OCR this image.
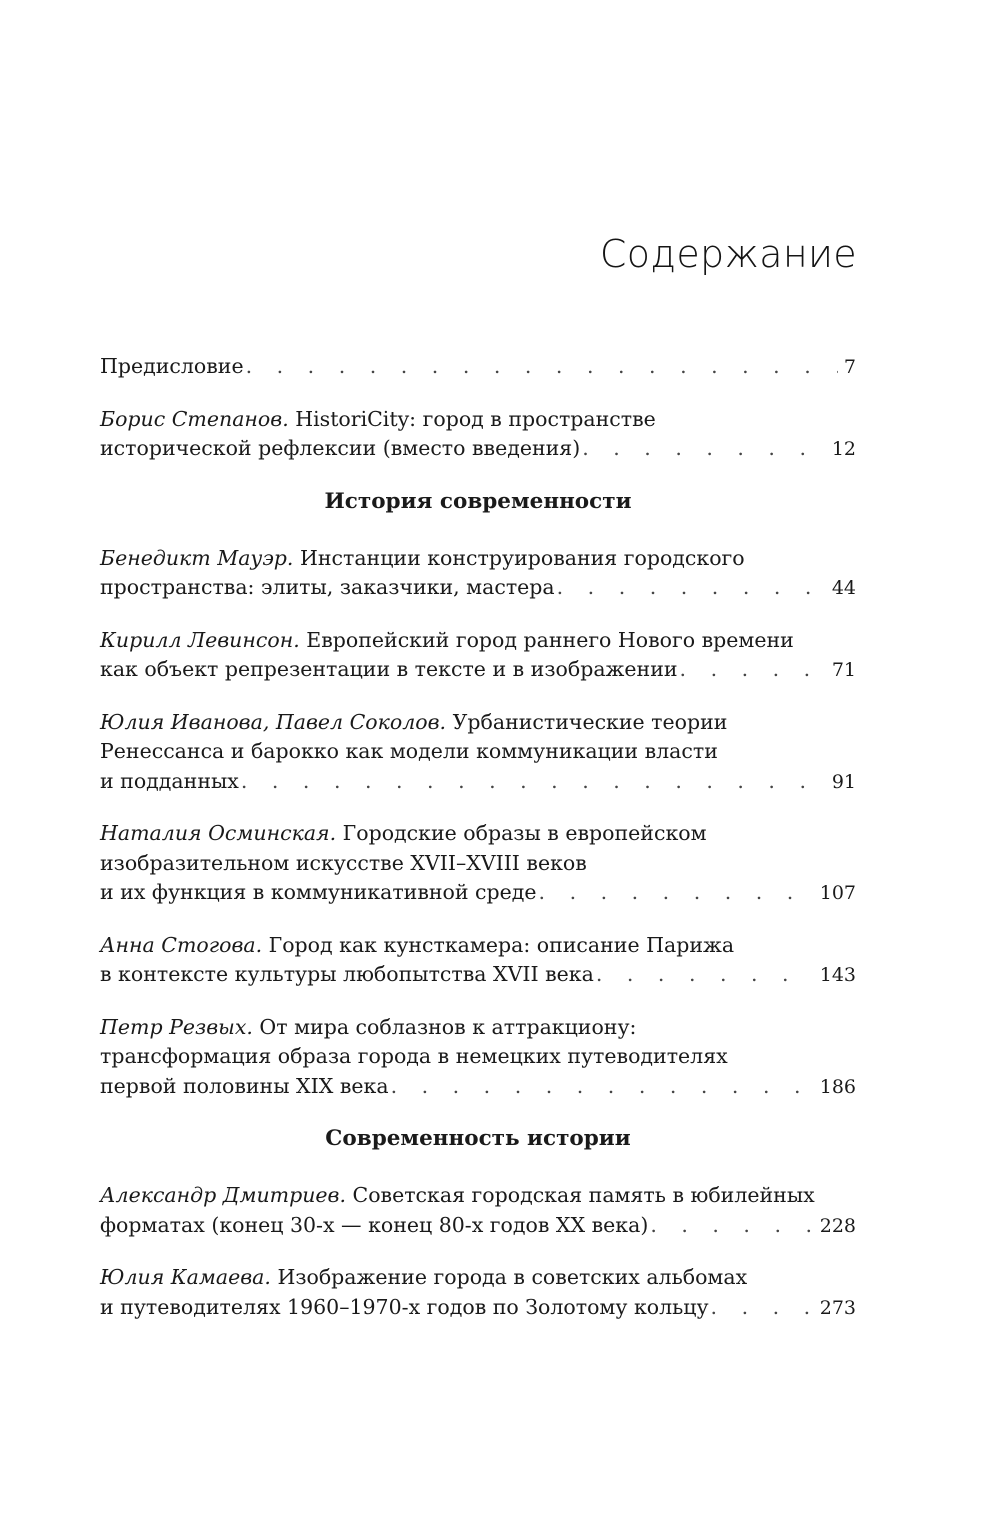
Содержание
Предисловие . . .	7
Борис Степанов. HistoriCity: город в пространстве
исторической рефлексии (вместо введения) . . .	12
История современности
Бенедикт Мауэр. Инстанции конструирования городского
пространства: элиты, заказчики, мастера . . .	44
Кирилл Левинсон. Европейский город раннего Нового времени
как объект репрезентации в тексте и в изображении . . .	71
Юлия Иванова, Павел Соколов. Урбанистические теории
Ренессанса и барокко как модели коммуникации власти
и подданных . . .	91
Наталия Осминская. Городские образы в европейском
изобразительном искусстве XVII–XVIII веков
и их функция в коммуникативной среде . . .	107
Анна Стогова. Город как кунсткамера: описание Парижа
в контексте культуры любопытства XVII века . . .	143
Петр Резвых. От мира соблазнов к аттракциону:
трансформация образа города в немецких путеводителях
первой половины XIX века . . .	186
Современность истории
Александр Дмитриев. Советская городская память в юбилейных
форматах (конец 30-х — конец 80-х годов XX века) . . .	228
Юлия Камаева. Изображение города в советских альбомах
и путеводителях 1960–1970-х годов по Золотому кольцу . . .	273
